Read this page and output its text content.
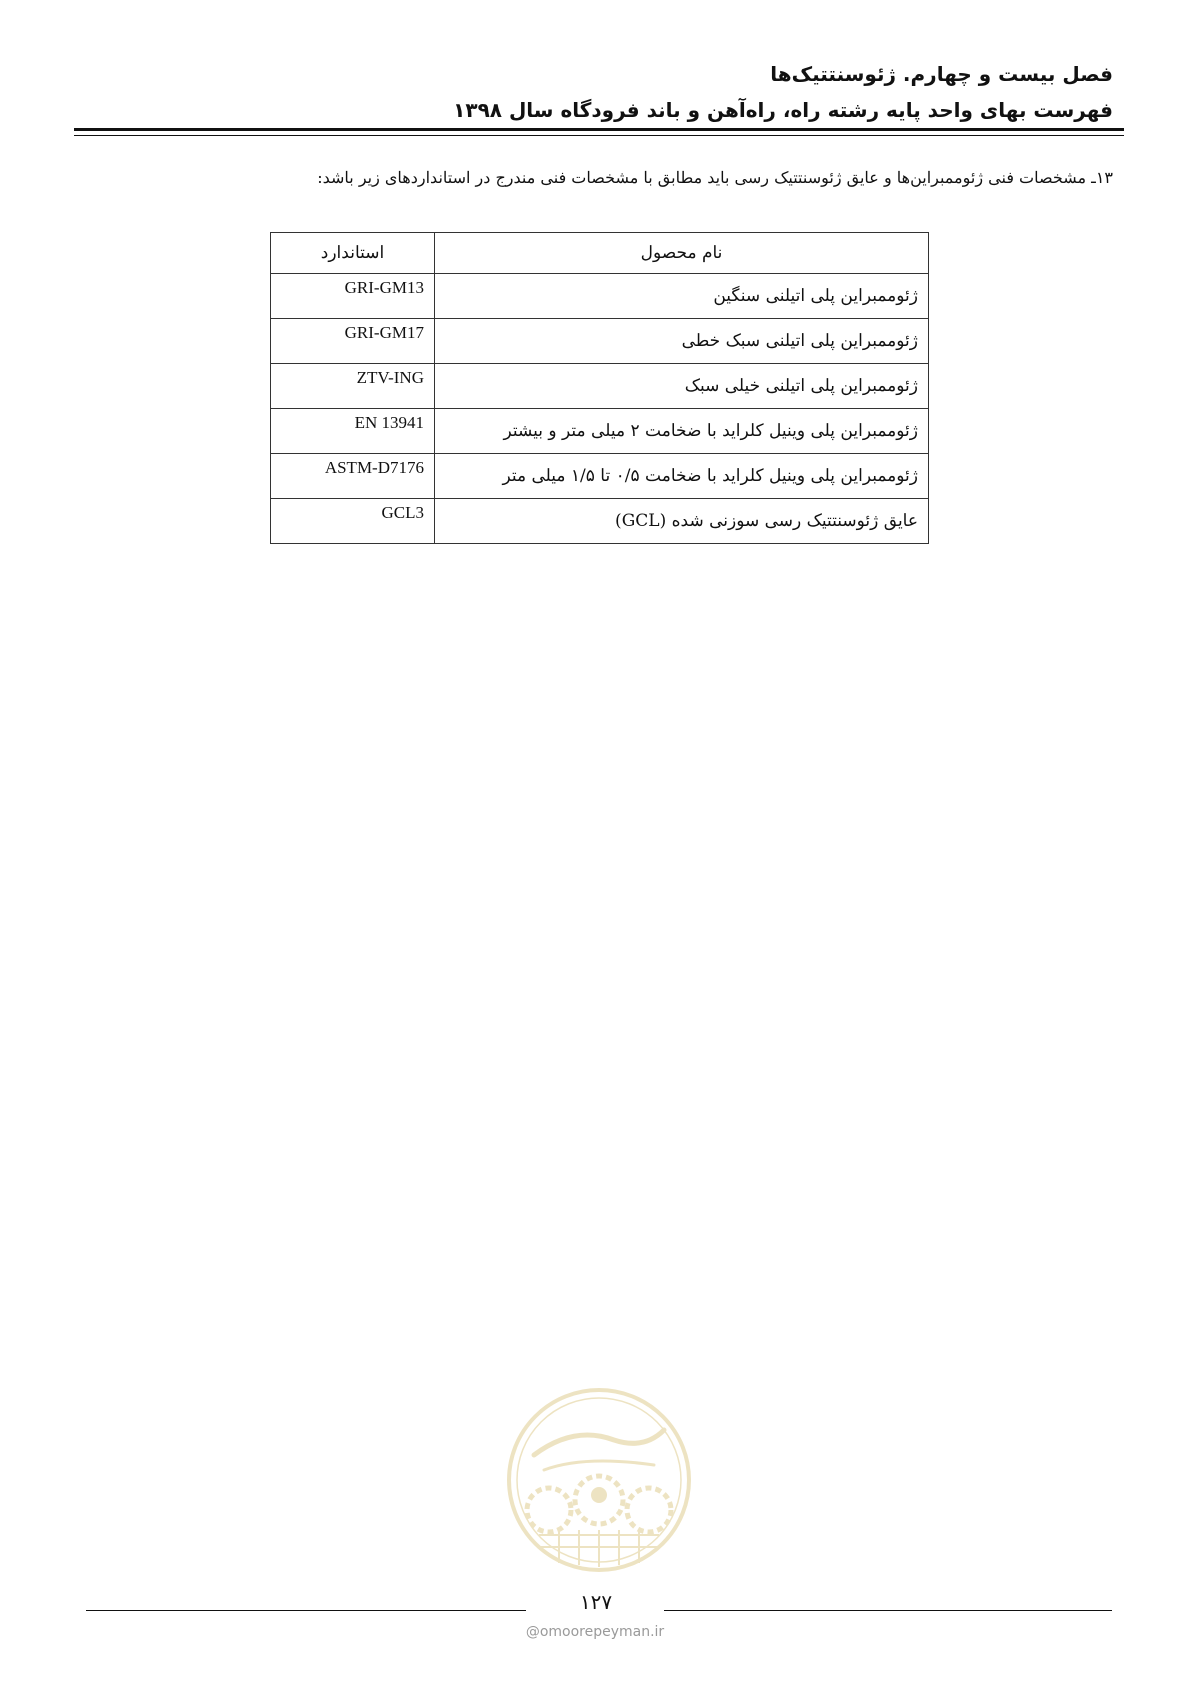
فصل بیست و چهارم. ژئوسنتتیک‌ها
فهرست بهای واحد پایه رشته راه، راه‌آهن و باند فرودگاه سال ۱۳۹۸
۱۳ـ مشخصات فنی ژئوممبراین‌ها و عایق ژئوسنتتیک رسی باید مطابق با مشخصات فنی مندرج در استانداردهای زیر باشد:
استاندارد	نام محصول
GRI-GM13	ژئوممبراین پلی اتیلنی سنگین
GRI-GM17	ژئوممبراین پلی اتیلنی سبک خطی
ZTV-ING	ژئوممبراین پلی اتیلنی خیلی سبک
EN 13941	ژئوممبراین پلی وینیل کلراید با ضخامت ۲ میلی متر و بیشتر
ASTM-D7176	ژئوممبراین پلی وینیل کلراید با ضخامت ۰/۵ تا ۱/۵ میلی متر
GCL3	عایق ژئوسنتتیک رسی سوزنی شده (GCL)
۱۲۷
@omoorepeyman.ir
